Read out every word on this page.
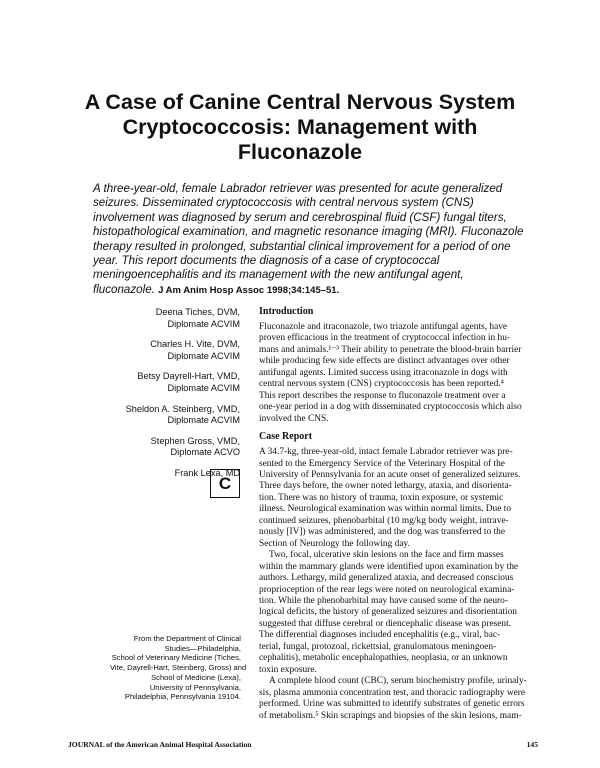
A Case of Canine Central Nervous System
Cryptococcosis: Management with
Fluconazole

A three-year-old, female Labrador retriever was presented for acute generalized
seizures. Disseminated cryptococcosis with central nervous system (CNS)
involvement was diagnosed by serum and cerebrospinal fluid (CSF) fungal titers,
histopathological examination, and magnetic resonance imaging (MRI). Fluconazole
therapy resulted in prolonged, substantial clinical improvement for a period of one
year. This report documents the diagnosis of a case of cryptococcal
meningoencephalitis and its management with the new antifungal agent,
fluconazole. J Am Anim Hosp Assoc 1998;34:145–51.

Deena Tiches, DVM,
Diplomate ACVIM
Charles H. Vite, DVM,
Diplomate ACVIM
Betsy Dayrell-Hart, VMD,
Diplomate ACVIM
Sheldon A. Steinberg, VMD,
Diplomate ACVIM
Stephen Gross, VMD,
Diplomate ACVO
Frank Lexa, MD
C
From the Department of Clinical
Studies—Philadelphia,
School of Veterinary Medicine (Tiches,
Vite, Dayrell-Hart, Steinberg, Gross) and
School of Medicine (Lexa),
University of Pennsylvania,
Philadelphia, Pennsylvania 19104.
Introduction
Fluconazole and itraconazole, two triazole antifungal agents, have
proven efficacious in the treatment of cryptococcal infection in hu-
mans and animals.¹⁻³ Their ability to penetrate the blood-brain barrier
while producing few side effects are distinct advantages over other
antifungal agents. Limited success using itraconazole in dogs with
central nervous system (CNS) cryptococcosis has been reported.⁴
This report describes the response to fluconazole treatment over a
one-year period in a dog with disseminated cryptococcosis which also
involved the CNS.
Case Report
A 34.7-kg, three-year-old, intact female Labrador retriever was pre-
sented to the Emergency Service of the Veterinary Hospital of the
University of Pennsylvania for an acute onset of generalized seizures.
Three days before, the owner noted lethargy, ataxia, and disorienta-
tion. There was no history of trauma, toxin exposure, or systemic
illness. Neurological examination was within normal limits. Due to
continued seizures, phenobarbital (10 mg/kg body weight, intrave-
nously [IV]) was administered, and the dog was transferred to the
Section of Neurology the following day.
Two, focal, ulcerative skin lesions on the face and firm masses
within the mammary glands were identified upon examination by the
authors. Lethargy, mild generalized ataxia, and decreased conscious
proprioception of the rear legs were noted on neurological examina-
tion. While the phenobarbital may have caused some of the neuro-
logical deficits, the history of generalized seizures and disorientation
suggested that diffuse cerebral or diencephalic disease was present.
The differential diagnoses included encephalitis (e.g., viral, bac-
terial, fungal, protozoal, rickettsial, granulomatous meningoen-
cephalitis), metabolic encephalopathies, neoplasia, or an unknown
toxin exposure.
A complete blood count (CBC), serum biochemistry profile, urinaly-
sis, plasma ammonia concentration test, and thoracic radiography were
performed. Urine was submitted to identify substrates of genetic errors
of metabolism.⁵ Skin scrapings and biopsies of the skin lesions, mam-
JOURNAL of the American Animal Hospital Association	145
